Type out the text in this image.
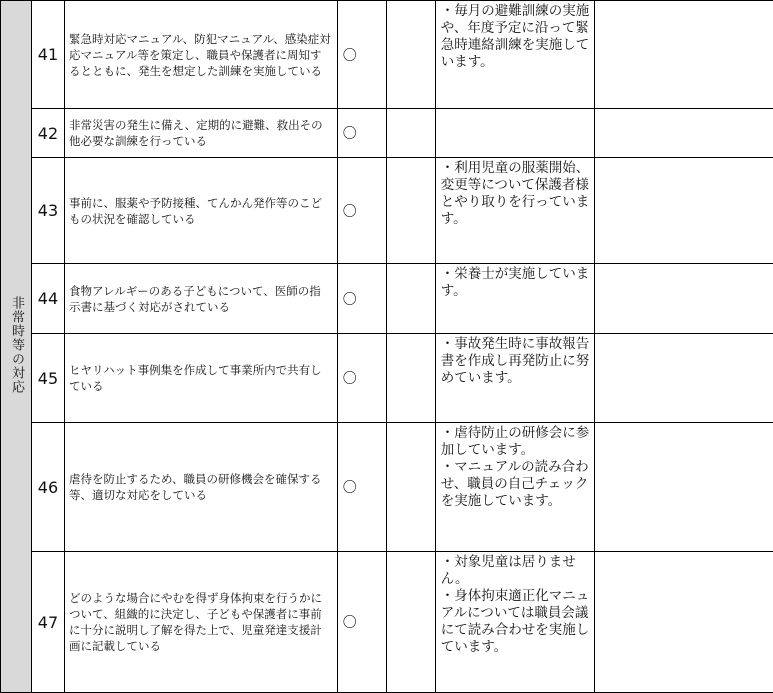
非常時等の対応	41	緊急時対応マニュアル、防犯マニュアル、感染症対応マニュアル等を策定し、職員や保護者に周知するとともに、発生を想定した訓練を実施している	〇		・毎月の避難訓練の実施や、年度予定に沿って緊急時連絡訓練を実施しています。	

	42	非常災害の発生に備え、定期的に避難、救出その他必要な訓練を行っている	〇			
	43	事前に、服薬や予防接種、てんかん発作等のこどもの状況を確認している	〇		・利用児童の服薬開始、変更等について保護者様とやり取りを行っています。	

	44	食物アレルギーのある子どもについて、医師の指示書に基づく対応がされている	〇		・栄養士が実施しています。	

	45	ヒヤリハット事例集を作成して事業所内で共有している	〇		・事故発生時に事故報告書を作成し再発防止に努めています。	

	46	虐待を防止するため、職員の研修機会を確保する等、適切な対応をしている	〇		・虐待防止の研修会に参加しています。
・マニュアルの読み合わせ、職員の自己チェックを実施しています。	

	47	どのような場合にやむを得ず身体拘束を行うかについて、組織的に決定し、子どもや保護者に事前に十分に説明し了解を得た上で、児童発達支援計画に記載している	〇		・対象児童は居りません。
・身体拘束適正化マニュアルについては職員会議にて読み合わせを実施しています。	
